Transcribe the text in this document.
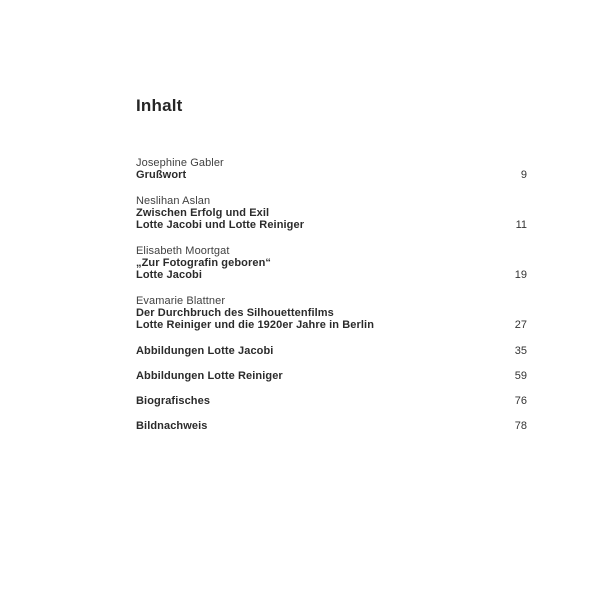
Inhalt
Josephine Gabler
Grußwort	9
Neslihan Aslan
Zwischen Erfolg und Exil
Lotte Jacobi und Lotte Reiniger	11
Elisabeth Moortgat
„Zur Fotografin geboren“
Lotte Jacobi	19
Evamarie Blattner
Der Durchbruch des Silhouettenfilms
Lotte Reiniger und die 1920er Jahre in Berlin	27
Abbildungen Lotte Jacobi	35
Abbildungen Lotte Reiniger	59
Biografisches	76
Bildnachweis	78
